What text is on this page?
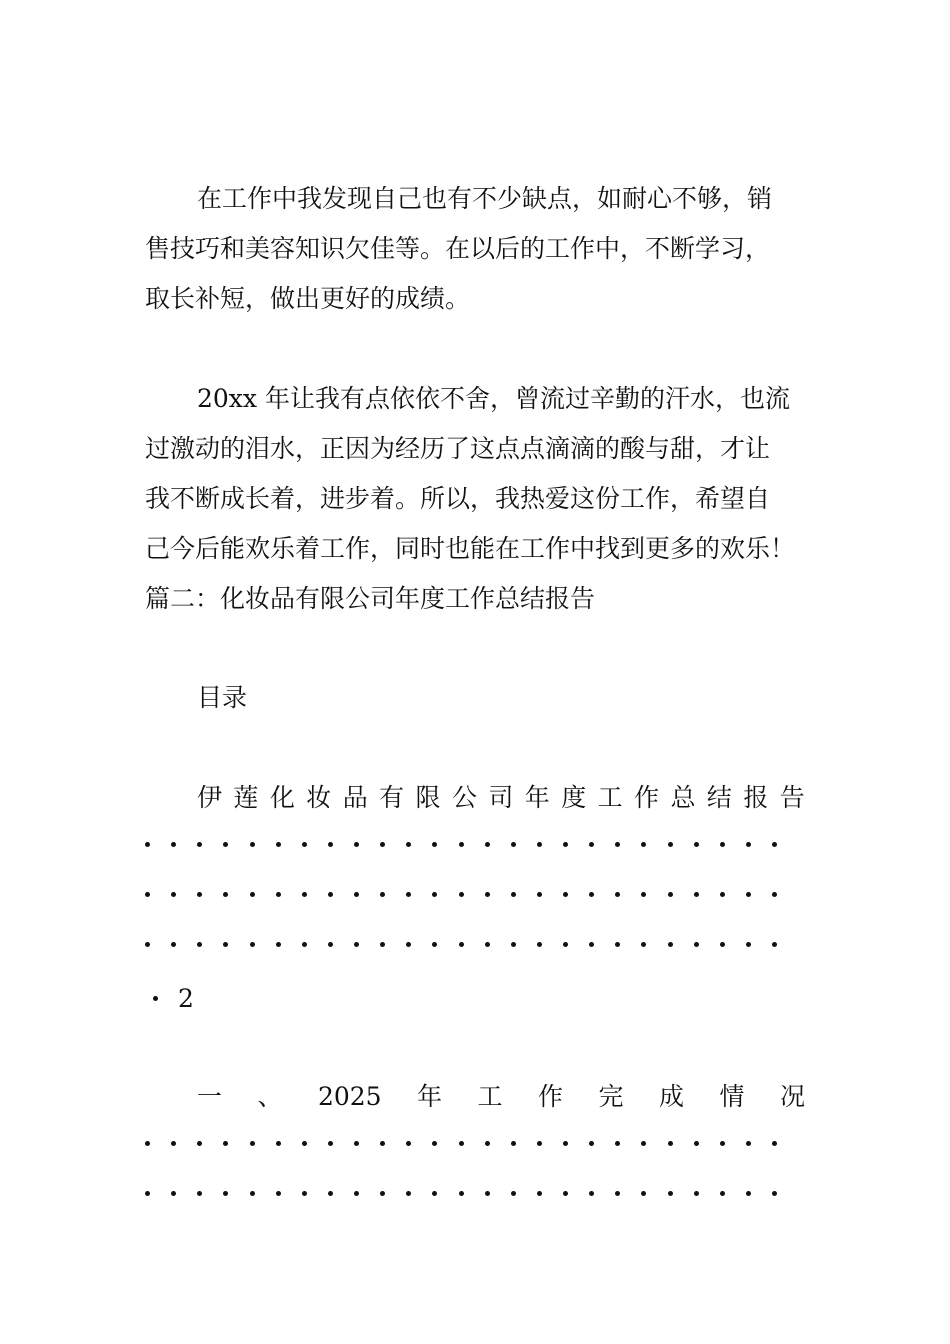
在工作中我发现自己也有不少缺点，如耐心不够，销
售技巧和美容知识欠佳等。在以后的工作中，不断学习，
取长补短，做出更好的成绩。
20xx 年让我有点依依不舍，曾流过辛勤的汗水，也流
过激动的泪水，正因为经历了这点点滴滴的酸与甜，才让
我不断成长着，进步着。所以，我热爱这份工作，希望自
己今后能欢乐着工作，同时也能在工作中找到更多的欢乐！
篇二：化妆品有限公司年度工作总结报告
目录
伊 莲 化 妆 品 有 限 公 司 年 度 工 作 总 结 报 告
2
一 、 2025 年 工 作 完 成 情 况
